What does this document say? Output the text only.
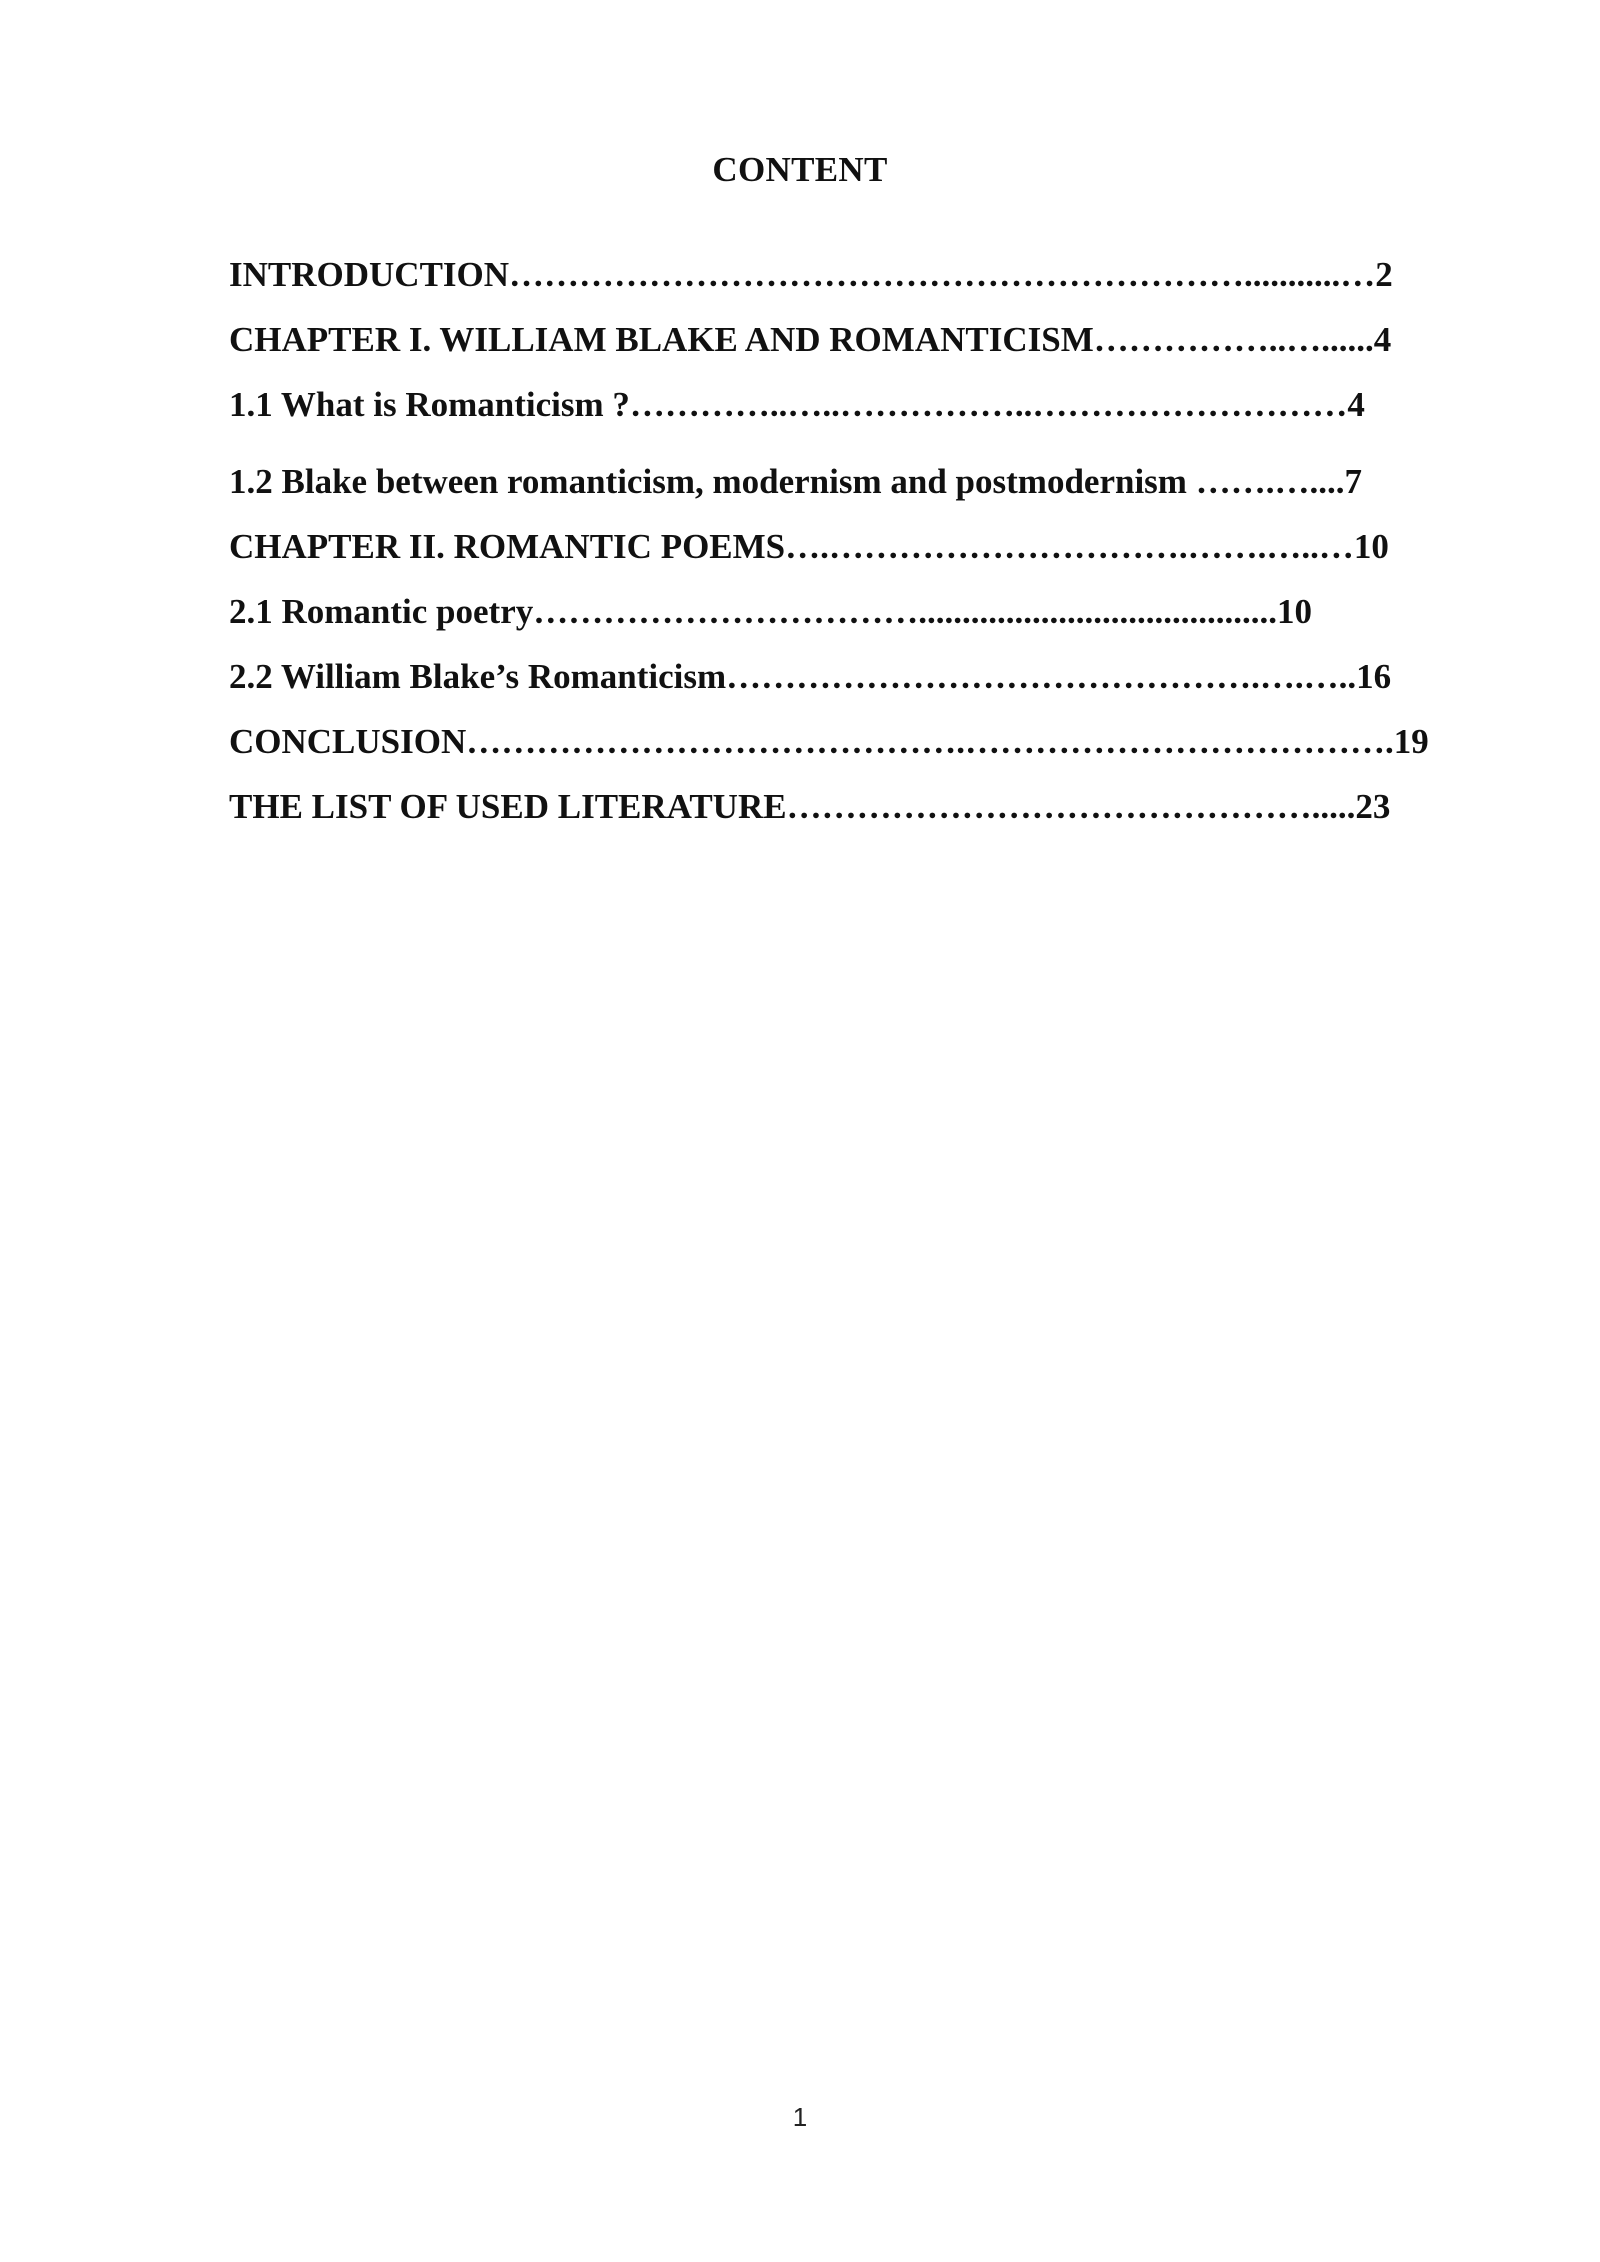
CONTENT
INTRODUCTION………………………………………………………...........…2
CHAPTER I. WILLIAM BLAKE AND ROMANTICISM……………..…......4
1.1 What is Romanticism ?…………..…..……………..………………………4
1.2 Blake between romanticism, modernism and postmodernism …….…....7
CHAPTER II. ROMANTIC POEMS….………………………….…….…..…10
2.1 Romantic poetry…………………………….........................................10
2.2 William Blake’s Romanticism……………………………………….….…..16
CONCLUSION…………………………………….……………………………….19
THE LIST OF USED LITERATURE……………………………………….....23
1
